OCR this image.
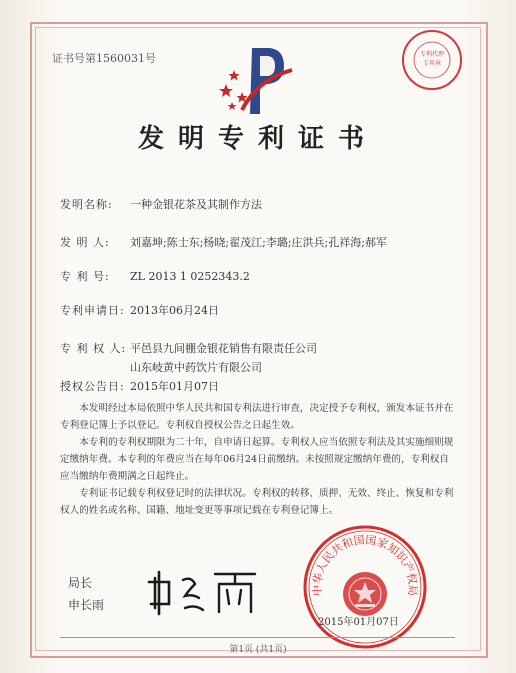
证书号第1560031号	专利代理
专用章
发明专利证书
发明名称: 一种金银花茶及其制作方法
发 明 人: 刘嘉坤;陈士东;杨晓;翟茂江;李璐;庄洪兵;孔祥海;郝军
专 利 号: ZL 2013 1 0252343.2
专利申请日: 2013年06月24日
专 利 权 人: 平邑县九间棚金银花销售有限责任公司
山东岐黄中药饮片有限公司
授权公告日: 2015年01月07日

本发明经过本局依照中华人民共和国专利法进行审查，决定授予专利权，颁发本证书并在专利登记簿上予以登记。专利权自授权公告之日起生效。

本专利的专利权期限为二十年，自申请日起算。专利权人应当依照专利法及其实施细则规定缴纳年费。本专利的年费应当在每年06月24日前缴纳。未按照规定缴纳年费的，专利权自应当缴纳年费期满之日起终止。

专利证书记载专利权登记时的法律状况。专利权的转移、质押、无效、终止、恢复和专利权人的姓名或名称、国籍、地址变更等事项记载在专利登记簿上。

局长
申长雨
中华人民共和国国家知识产权局
2015年01月07日
第1页 (共1页)
